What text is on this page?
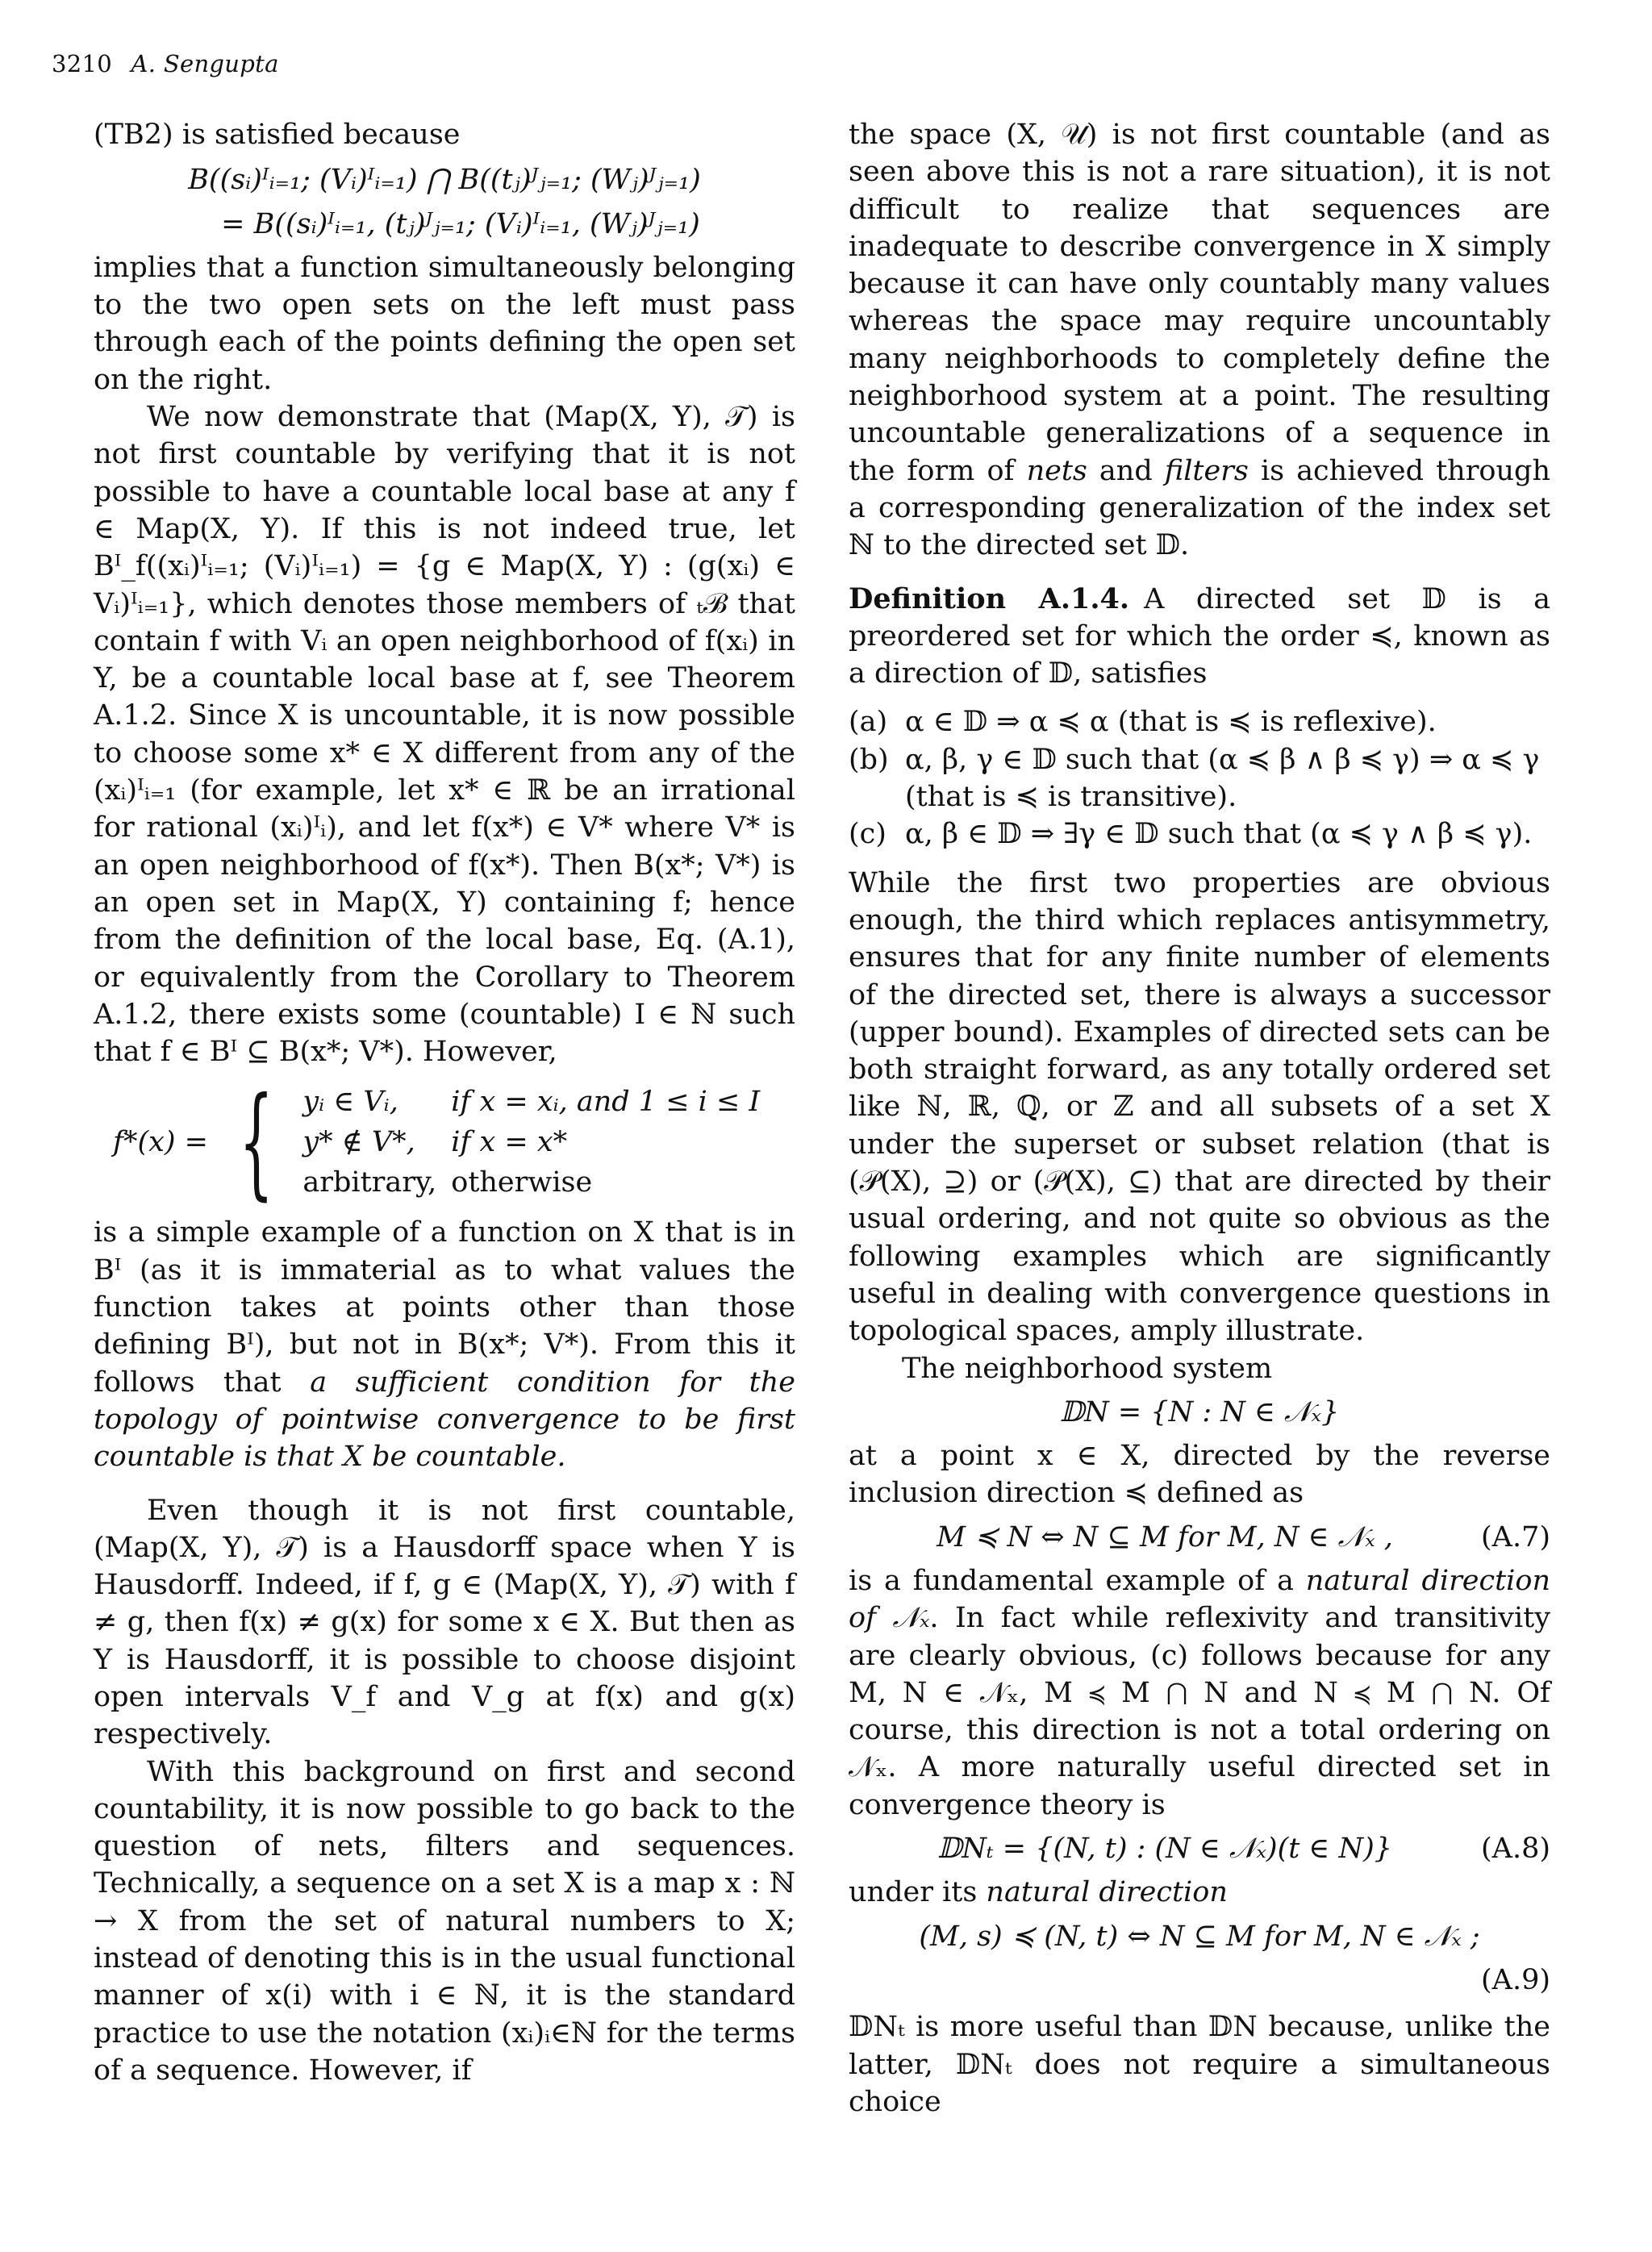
3210 A. Sengupta

(TB2) is satisfied because

B((sᵢ)ᴵᵢ₌₁; (Vᵢ)ᴵᵢ₌₁) ⋂ B((tⱼ)ᴶⱼ₌₁; (Wⱼ)ᴶⱼ₌₁)
= B((sᵢ)ᴵᵢ₌₁, (tⱼ)ᴶⱼ₌₁; (Vᵢ)ᴵᵢ₌₁, (Wⱼ)ᴶⱼ₌₁)

implies that a function simultaneously belonging to the two open sets on the left must pass through each of the points defining the open set on the right.

We now demonstrate that (Map(X, Y), 𝒯) is not first countable by verifying that it is not possible to have a countable local base at any f ∈ Map(X, Y). If this is not indeed true, let Bᴵ_f((xᵢ)ᴵᵢ₌₁; (Vᵢ)ᴵᵢ₌₁) = {g ∈ Map(X, Y) : (g(xᵢ) ∈ Vᵢ)ᴵᵢ₌₁}, which denotes those members of ₜℬ that contain f with Vᵢ an open neighborhood of f(xᵢ) in Y, be a countable local base at f, see Theorem A.1.2. Since X is uncountable, it is now possible to choose some x* ∈ X different from any of the (xᵢ)ᴵᵢ₌₁ (for example, let x* ∈ ℝ be an irrational for rational (xᵢ)ᴵᵢ), and let f(x*) ∈ V* where V* is an open neighborhood of f(x*). Then B(x*; V*) is an open set in Map(X, Y) containing f; hence from the definition of the local base, Eq. (A.1), or equivalently from the Corollary to Theorem A.1.2, there exists some (countable) I ∈ ℕ such that f ∈ Bᴵ ⊆ B(x*; V*). However,

f*(x) = { yᵢ ∈ Vᵢ,	if x = xᵢ, and 1 ≤ i ≤ I
y* ∉ V*,	if x = x*
arbitrary,	otherwise

is a simple example of a function on X that is in Bᴵ (as it is immaterial as to what values the function takes at points other than those defining Bᴵ), but not in B(x*; V*). From this it follows that a sufficient condition for the topology of pointwise convergence to be first countable is that X be countable.

Even though it is not first countable, (Map(X, Y), 𝒯) is a Hausdorff space when Y is Hausdorff. Indeed, if f, g ∈ (Map(X, Y), 𝒯) with f ≠ g, then f(x) ≠ g(x) for some x ∈ X. But then as Y is Hausdorff, it is possible to choose disjoint open intervals V_f and V_g at f(x) and g(x) respectively.

With this background on first and second countability, it is now possible to go back to the question of nets, filters and sequences. Technically, a sequence on a set X is a map x : ℕ → X from the set of natural numbers to X; instead of denoting this is in the usual functional manner of x(i) with i ∈ ℕ, it is the standard practice to use the notation (xᵢ)ᵢ∈ℕ for the terms of a sequence. However, if

the space (X, 𝒰) is not first countable (and as seen above this is not a rare situation), it is not difficult to realize that sequences are inadequate to describe convergence in X simply because it can have only countably many values whereas the space may require uncountably many neighborhoods to completely define the neighborhood system at a point. The resulting uncountable generalizations of a sequence in the form of nets and filters is achieved through a corresponding generalization of the index set ℕ to the directed set 𝔻.

Definition A.1.4. A directed set 𝔻 is a preordered set for which the order ≼, known as a direction of 𝔻, satisfies

(a) α ∈ 𝔻 ⇒ α ≼ α (that is ≼ is reflexive).
(b) α, β, γ ∈ 𝔻 such that (α ≼ β ∧ β ≼ γ) ⇒ α ≼ γ
(that is ≼ is transitive).
(c) α, β ∈ 𝔻 ⇒ ∃γ ∈ 𝔻 such that (α ≼ γ ∧ β ≼ γ).

While the first two properties are obvious enough, the third which replaces antisymmetry, ensures that for any finite number of elements of the directed set, there is always a successor (upper bound). Examples of directed sets can be both straight forward, as any totally ordered set like ℕ, ℝ, ℚ, or ℤ and all subsets of a set X under the superset or subset relation (that is (𝒫(X), ⊇) or (𝒫(X), ⊆) that are directed by their usual ordering, and not quite so obvious as the following examples which are significantly useful in dealing with convergence questions in topological spaces, amply illustrate.

The neighborhood system

𝔻N = {N : N ∈ 𝒩ₓ}

at a point x ∈ X, directed by the reverse inclusion direction ≼ defined as

M ≼ N ⇔ N ⊆ M for M, N ∈ 𝒩ₓ ,	(A.7)

is a fundamental example of a natural direction of 𝒩ₓ. In fact while reflexivity and transitivity are clearly obvious, (c) follows because for any M, N ∈ 𝒩ₓ, M ≼ M ⋂ N and N ≼ M ⋂ N. Of course, this direction is not a total ordering on 𝒩ₓ. A more naturally useful directed set in convergence theory is

𝔻Nₜ = {(N, t) : (N ∈ 𝒩ₓ)(t ∈ N)}	(A.8)

under its natural direction

(M, s) ≼ (N, t) ⇔ N ⊆ M for M, N ∈ 𝒩ₓ ;

(A.9)

𝔻Nₜ is more useful than 𝔻N because, unlike the latter, 𝔻Nₜ does not require a simultaneous choice
